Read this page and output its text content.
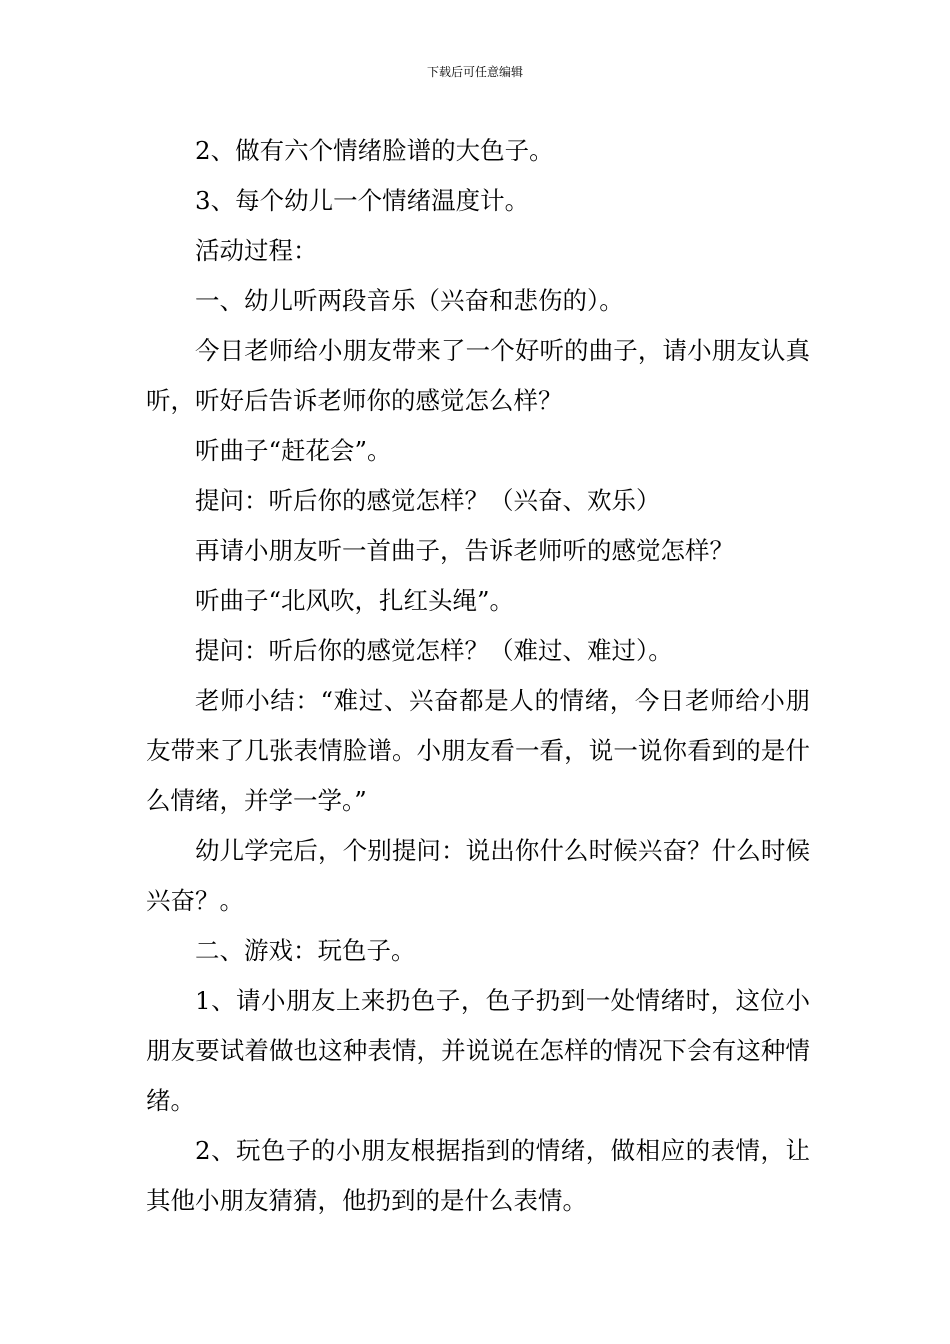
下载后可任意编辑

2、做有六个情绪脸谱的大色子。

3、每个幼儿一个情绪温度计。

活动过程：

一、幼儿听两段音乐（兴奋和悲伤的）。

今日老师给小朋友带来了一个好听的曲子，请小朋友认真听，听好后告诉老师你的感觉怎么样？

听曲子“赶花会”。

提问：听后你的感觉怎样？（兴奋、欢乐）

再请小朋友听一首曲子，告诉老师听的感觉怎样？

听曲子“北风吹，扎红头绳”。

提问：听后你的感觉怎样？（难过、难过）。

老师小结：“难过、兴奋都是人的情绪，今日老师给小朋友带来了几张表情脸谱。小朋友看一看，说一说你看到的是什么情绪，并学一学。”

幼儿学完后，个别提问：说出你什么时候兴奋？什么时候兴奋？。

二、游戏：玩色子。

1、请小朋友上来扔色子，色子扔到一处情绪时，这位小朋友要试着做也这种表情，并说说在怎样的情况下会有这种情绪。

2、玩色子的小朋友根据指到的情绪，做相应的表情，让其他小朋友猜猜，他扔到的是什么表情。
